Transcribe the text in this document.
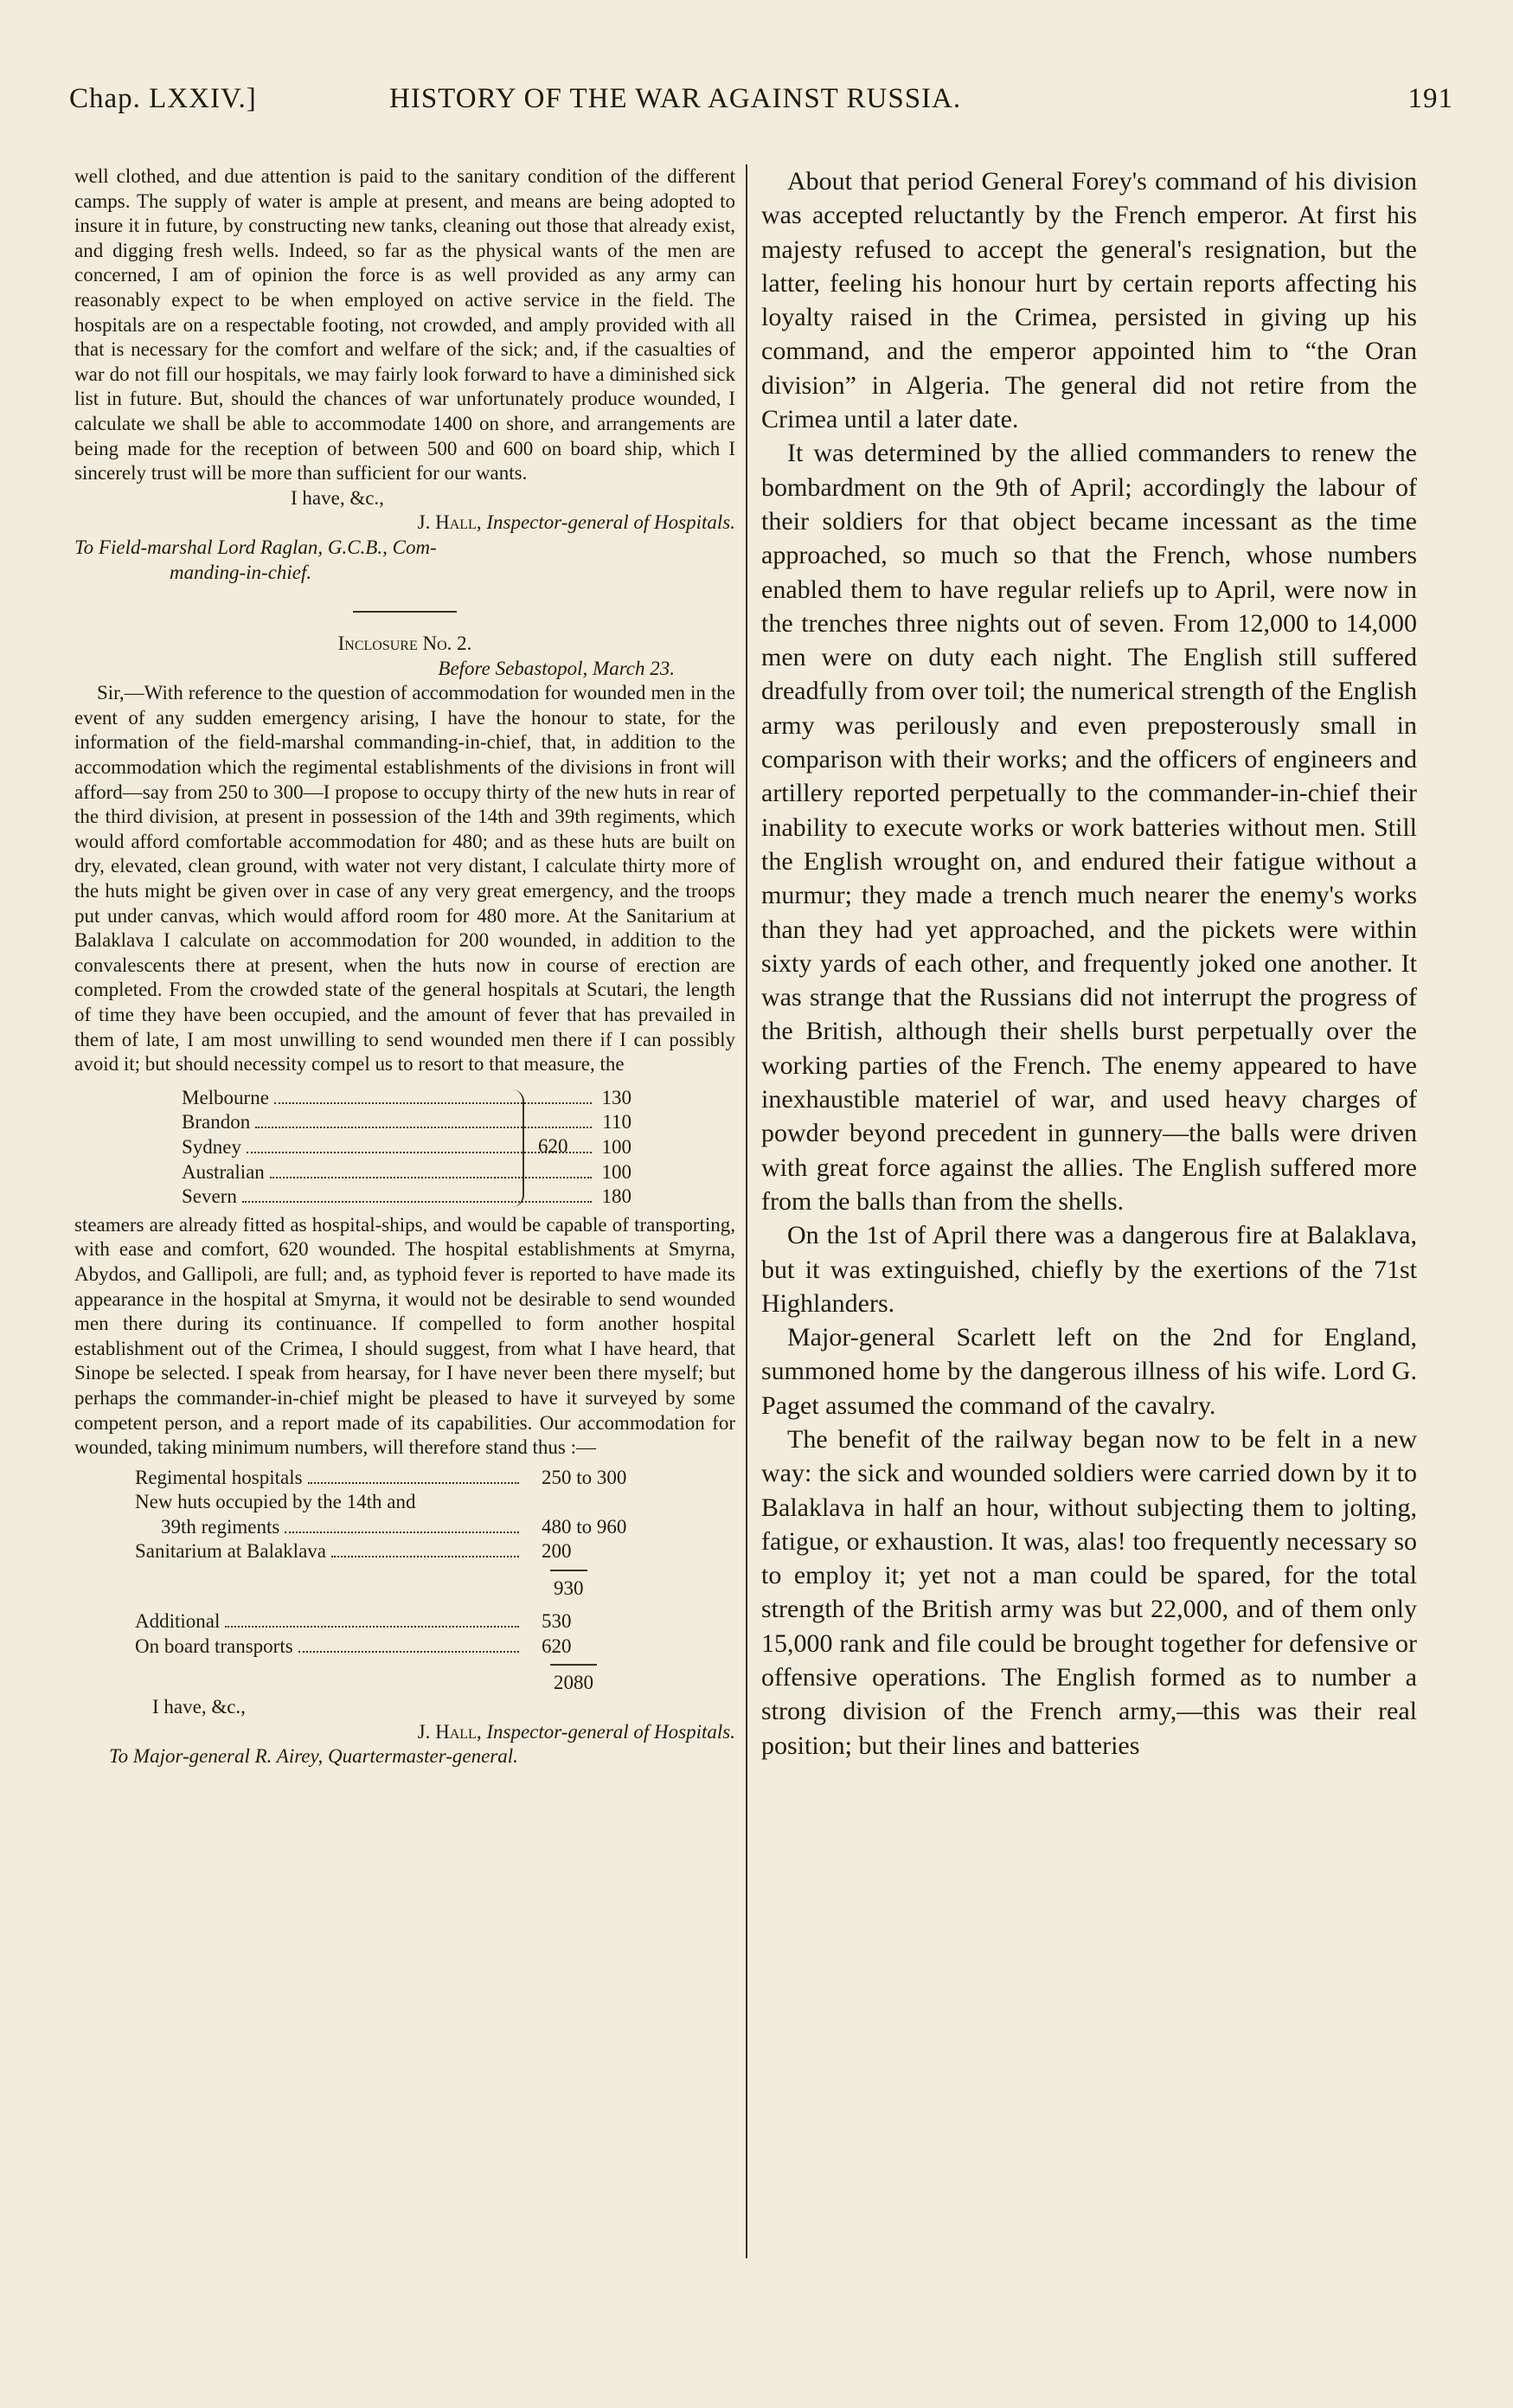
Chap. LXXIV.]	HISTORY OF THE WAR AGAINST RUSSIA.	191

well clothed, and due attention is paid to the sanitary condition of the different camps. The supply of water is ample at present, and means are being adopted to insure it in future, by constructing new tanks, cleaning out those that already exist, and digging fresh wells. Indeed, so far as the physical wants of the men are concerned, I am of opinion the force is as well provided as any army can reasonably expect to be when employed on active service in the field. The hospitals are on a respectable footing, not crowded, and amply provided with all that is necessary for the comfort and welfare of the sick; and, if the casualties of war do not fill our hospitals, we may fairly look forward to have a diminished sick list in future. But, should the chances of war unfortunately produce wounded, I calculate we shall be able to accommodate 1400 on shore, and arrangements are being made for the reception of between 500 and 600 on board ship, which I sincerely trust will be more than sufficient for our wants.

I have, &c.,

J. Hall, Inspector-general of Hospitals.
To Field-marshal Lord Raglan, G.C.B., Com-
manding-in-chief.
Inclosure No. 2.
Before Sebastopol, March 23.

Sir,—With reference to the question of accommodation for wounded men in the event of any sudden emergency arising, I have the honour to state, for the information of the field-marshal commanding-in-chief, that, in addition to the accommodation which the regimental establishments of the divisions in front will afford—say from 250 to 300—I propose to occupy thirty of the new huts in rear of the third division, at present in possession of the 14th and 39th regiments, which would afford comfortable accommodation for 480; and as these huts are built on dry, elevated, clean ground, with water not very distant, I calculate thirty more of the huts might be given over in case of any very great emergency, and the troops put under canvas, which would afford room for 480 more. At the Sanitarium at Balaklava I calculate on accommodation for 200 wounded, in addition to the convalescents there at present, when the huts now in course of erection are completed. From the crowded state of the general hospitals at Scutari, the length of time they have been occupied, and the amount of fever that has prevailed in them of late, I am most unwilling to send wounded men there if I can possibly avoid it; but should necessity compel us to resort to that measure, the

Melbourne	130
Brandon	110
Sydney	100
Australian	100
Severn	180
620

steamers are already fitted as hospital-ships, and would be capable of transporting, with ease and comfort, 620 wounded. The hospital establishments at Smyrna, Abydos, and Gallipoli, are full; and, as typhoid fever is reported to have made its appearance in the hospital at Smyrna, it would not be desirable to send wounded men there during its continuance. If compelled to form another hospital establishment out of the Crimea, I should suggest, from what I have heard, that Sinope be selected. I speak from hearsay, for I have never been there myself; but perhaps the commander-in-chief might be pleased to have it surveyed by some competent person, and a report made of its capabilities. Our accommodation for wounded, taking minimum numbers, will therefore stand thus :—

Regimental hospitals	250 to 300
New huts occupied by the 14th and
39th regiments	480 to 960
Sanitarium at Balaklava	200
930
Additional	530
On board transports	620
2080
I have, &c.,

J. Hall, Inspector-general of Hospitals.
To Major-general R. Airey, Quartermaster-general.

About that period General Forey's command of his division was accepted reluctantly by the French emperor. At first his majesty refused to accept the general's resignation, but the latter, feeling his honour hurt by certain reports affecting his loyalty raised in the Crimea, persisted in giving up his command, and the emperor appointed him to “the Oran division” in Algeria. The general did not retire from the Crimea until a later date.

It was determined by the allied commanders to renew the bombardment on the 9th of April; accordingly the labour of their soldiers for that object became incessant as the time approached, so much so that the French, whose numbers enabled them to have regular reliefs up to April, were now in the trenches three nights out of seven. From 12,000 to 14,000 men were on duty each night. The English still suffered dreadfully from over toil; the numerical strength of the English army was perilously and even preposterously small in comparison with their works; and the officers of engineers and artillery reported perpetually to the commander-in-chief their inability to execute works or work batteries without men. Still the English wrought on, and endured their fatigue without a murmur; they made a trench much nearer the enemy's works than they had yet approached, and the pickets were within sixty yards of each other, and frequently joked one another. It was strange that the Russians did not interrupt the progress of the British, although their shells burst perpetually over the working parties of the French. The enemy appeared to have inexhaustible materiel of war, and used heavy charges of powder beyond precedent in gunnery—the balls were driven with great force against the allies. The English suffered more from the balls than from the shells.

On the 1st of April there was a dangerous fire at Balaklava, but it was extinguished, chiefly by the exertions of the 71st Highlanders.

Major-general Scarlett left on the 2nd for England, summoned home by the dangerous illness of his wife. Lord G. Paget assumed the command of the cavalry.

The benefit of the railway began now to be felt in a new way: the sick and wounded soldiers were carried down by it to Balaklava in half an hour, without subjecting them to jolting, fatigue, or exhaustion. It was, alas! too frequently necessary so to employ it; yet not a man could be spared, for the total strength of the British army was but 22,000, and of them only 15,000 rank and file could be brought together for defensive or offensive operations. The English formed as to number a strong division of the French army,—this was their real position; but their lines and batteries
